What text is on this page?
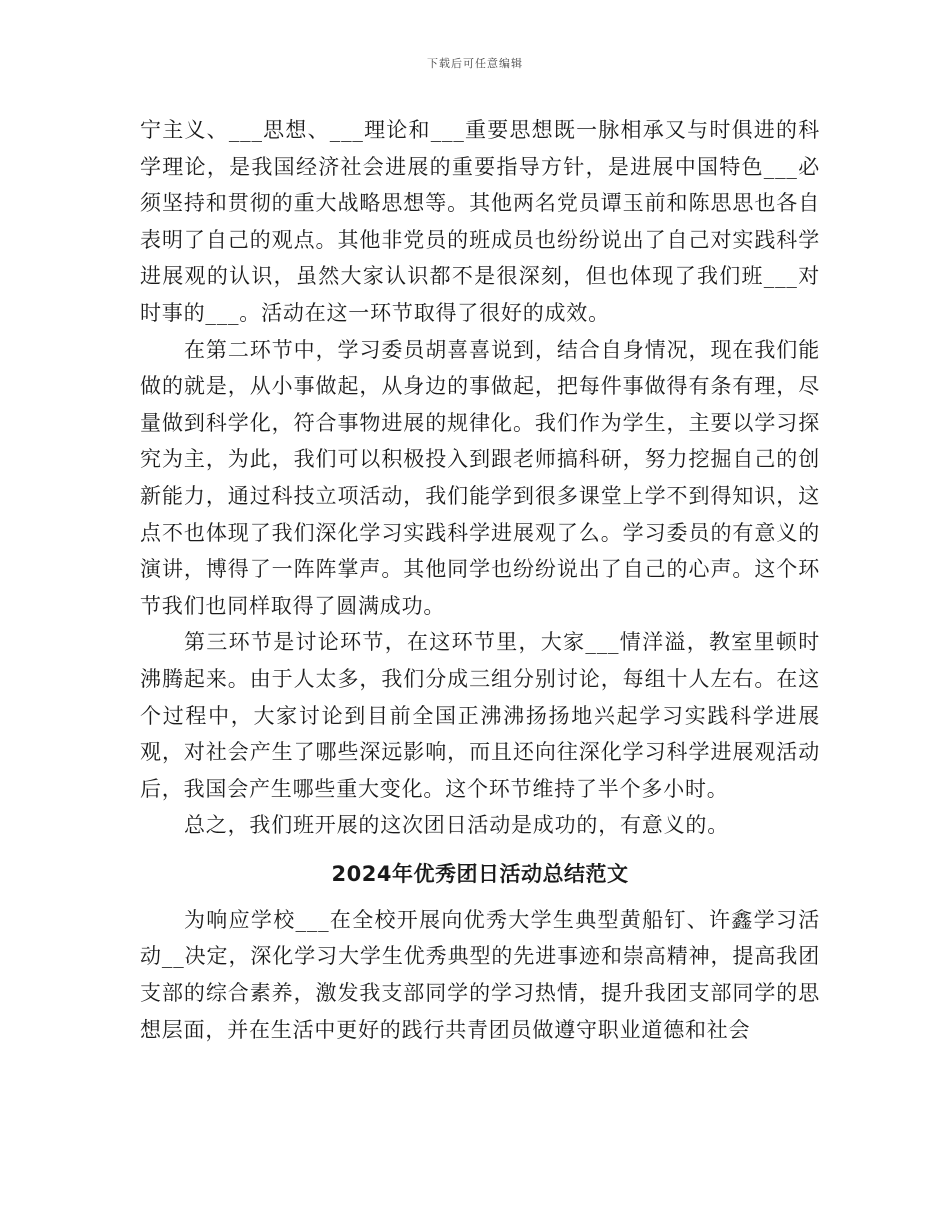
下载后可任意编辑

宁主义、___思想、___理论和___重要思想既一脉相承又与时俱进的科学理论，是我国经济社会进展的重要指导方针，是进展中国特色___必须坚持和贯彻的重大战略思想等。其他两名党员谭玉前和陈思思也各自表明了自己的观点。其他非党员的班成员也纷纷说出了自己对实践科学进展观的认识，虽然大家认识都不是很深刻，但也体现了我们班___对时事的___。活动在这一环节取得了很好的成效。

在第二环节中，学习委员胡喜喜说到，结合自身情况，现在我们能做的就是，从小事做起，从身边的事做起，把每件事做得有条有理，尽量做到科学化，符合事物进展的规律化。我们作为学生，主要以学习探究为主，为此，我们可以积极投入到跟老师搞科研，努力挖掘自己的创新能力，通过科技立项活动，我们能学到很多课堂上学不到得知识，这点不也体现了我们深化学习实践科学进展观了么。学习委员的有意义的演讲，博得了一阵阵掌声。其他同学也纷纷说出了自己的心声。这个环节我们也同样取得了圆满成功。

第三环节是讨论环节，在这环节里，大家___情洋溢，教室里顿时沸腾起来。由于人太多，我们分成三组分别讨论，每组十人左右。在这个过程中，大家讨论到目前全国正沸沸扬扬地兴起学习实践科学进展观，对社会产生了哪些深远影响，而且还向往深化学习科学进展观活动后，我国会产生哪些重大变化。这个环节维持了半个多小时。

总之，我们班开展的这次团日活动是成功的，有意义的。

2024年优秀团日活动总结范文

为响应学校___在全校开展向优秀大学生典型黄船钉、许鑫学习活动__决定，深化学习大学生优秀典型的先进事迹和崇高精神，提高我团支部的综合素养，激发我支部同学的学习热情，提升我团支部同学的思想层面，并在生活中更好的践行共青团员做遵守职业道德和社会
